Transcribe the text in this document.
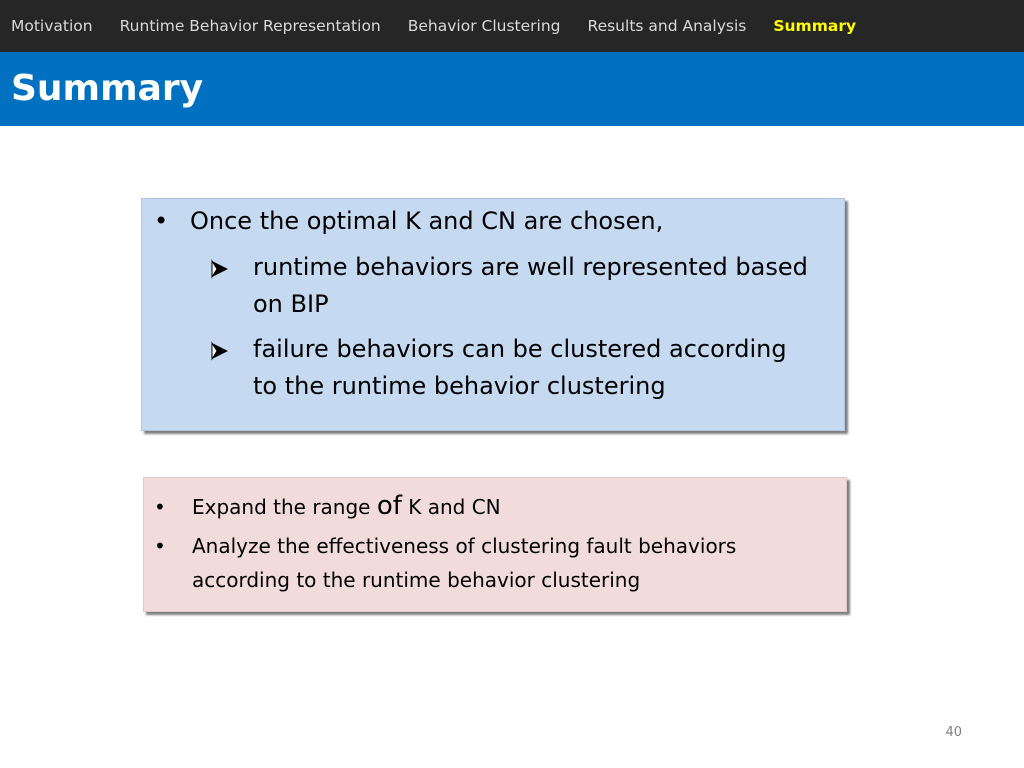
Motivation Runtime Behavior Representation Behavior Clustering Results and Analysis Summary
Summary
• Once the optimal K and CN are chosen,
runtime behaviors are well represented based
on BIP
failure behaviors can be clustered according
to the runtime behavior clustering
• Expand the range of K and CN
• Analyze the effectiveness of clustering fault behaviors
according to the runtime behavior clustering
40
